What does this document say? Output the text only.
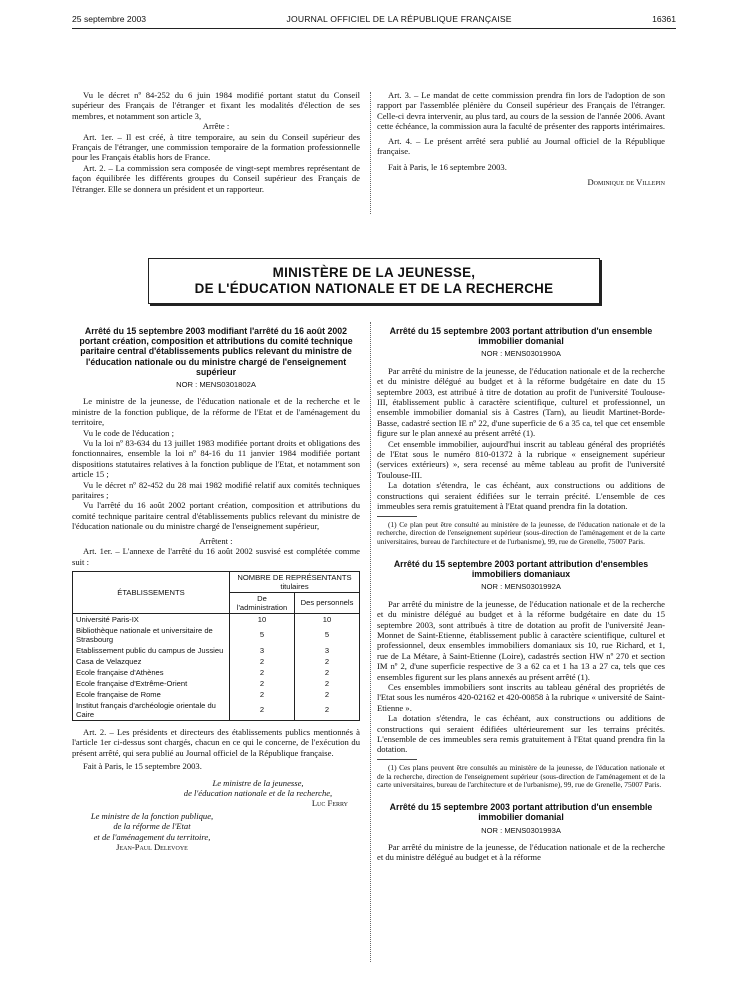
25 septembre 2003	JOURNAL OFFICIEL DE LA RÉPUBLIQUE FRANÇAISE	16361

Vu le décret nº 84-252 du 6 juin 1984 modifié portant statut du Conseil supérieur des Français de l'étranger et fixant les modalités d'élection de ses membres, et notamment son article 3,

Arrête :

Art. 1er. – Il est créé, à titre temporaire, au sein du Conseil supérieur des Français de l'étranger, une commission temporaire de la formation professionnelle pour les Français établis hors de France.

Art. 2. – La commission sera composée de vingt-sept membres représentant de façon équilibrée les différents groupes du Conseil supérieur des Français de l'étranger. Elle se donnera un président et un rapporteur.

Art. 3. – Le mandat de cette commission prendra fin lors de l'adoption de son rapport par l'assemblée plénière du Conseil supérieur des Français de l'étranger. Celle-ci devra intervenir, au plus tard, au cours de la session de l'année 2006. Avant cette échéance, la commission aura la faculté de présenter des rapports intérimaires.

Art. 4. – Le présent arrêté sera publié au Journal officiel de la République française.

Fait à Paris, le 16 septembre 2003.

Dominique de Villepin

MINISTÈRE DE LA JEUNESSE,
DE L'ÉDUCATION NATIONALE ET DE LA RECHERCHE

Arrêté du 15 septembre 2003 modifiant l'arrêté du 16 août 2002 portant création, composition et attributions du comité technique paritaire central d'établissements publics relevant du ministre de l'éducation nationale ou du ministre chargé de l'enseignement supérieur

NOR : MENS0301802A

Le ministre de la jeunesse, de l'éducation nationale et de la recherche et le ministre de la fonction publique, de la réforme de l'Etat et de l'aménagement du territoire,

Vu le code de l'éducation ;

Vu la loi nº 83-634 du 13 juillet 1983 modifiée portant droits et obligations des fonctionnaires, ensemble la loi nº 84-16 du 11 janvier 1984 modifiée portant dispositions statutaires relatives à la fonction publique de l'Etat, et notamment son article 15 ;

Vu le décret nº 82-452 du 28 mai 1982 modifié relatif aux comités techniques paritaires ;

Vu l'arrêté du 16 août 2002 portant création, composition et attributions du comité technique paritaire central d'établissements publics relevant du ministre de l'éducation nationale ou du ministre chargé de l'enseignement supérieur,

Arrêtent :

Art. 1er. – L'annexe de l'arrêté du 16 août 2002 susvisé est complétée comme suit :

ÉTABLISSEMENTS	NOMBRE DE REPRÉSENTANTS
titulaires	
	De l'administration	Des personnels
Université Paris-IX	10	10
Bibliothèque nationale et universitaire de Strasbourg	5	5
Etablissement public du campus de Jussieu	3	3
Casa de Velazquez	2	2
Ecole française d'Athènes	2	2
Ecole française d'Extrême-Orient	2	2
Ecole française de Rome	2	2
Institut français d'archéologie orientale du Caire	2	2

Art. 2. – Les présidents et directeurs des établissements publics mentionnés à l'article 1er ci-dessus sont chargés, chacun en ce qui le concerne, de l'exécution du présent arrêté, qui sera publié au Journal officiel de la République française.

Fait à Paris, le 15 septembre 2003.

Le ministre de la jeunesse,
de l'éducation nationale et de la recherche,
Luc Ferry
Le ministre de la fonction publique,
de la réforme de l'Etat
et de l'aménagement du territoire,
Jean-Paul Delevoye

Arrêté du 15 septembre 2003 portant attribution d'un ensemble immobilier domanial

NOR : MENS0301990A

Par arrêté du ministre de la jeunesse, de l'éducation nationale et de la recherche et du ministre délégué au budget et à la réforme budgétaire en date du 15 septembre 2003, est attribué à titre de dotation au profit de l'université Toulouse-III, établissement public à caractère scientifique, culturel et professionnel, un ensemble immobilier domanial sis à Castres (Tarn), au lieudit Martinet-Borde-Basse, cadastré section IE nº 22, d'une superficie de 6 a 35 ca, tel que cet ensemble figure sur le plan annexé au présent arrêté (1).

Cet ensemble immobilier, aujourd'hui inscrit au tableau général des propriétés de l'Etat sous le numéro 810-01372 à la rubrique « enseignement supérieur (services extérieurs) », sera recensé au même tableau au profit de l'université Toulouse-III.

La dotation s'étendra, le cas échéant, aux constructions ou additions de constructions qui seraient édifiées sur le terrain précité. L'ensemble de ces immeubles sera remis gratuitement à l'Etat quand prendra fin la dotation.

(1) Ce plan peut être consulté au ministère de la jeunesse, de l'éducation nationale et de la recherche, direction de l'enseignement supérieur (sous-direction de l'aménagement et de la carte universitaires, bureau de l'architecture et de l'urbanisme), 99, rue de Grenelle, 75007 Paris.

Arrêté du 15 septembre 2003 portant attribution d'ensembles immobiliers domaniaux

NOR : MENS0301992A

Par arrêté du ministre de la jeunesse, de l'éducation nationale et de la recherche et du ministre délégué au budget et à la réforme budgétaire en date du 15 septembre 2003, sont attribués à titre de dotation au profit de l'université Jean-Monnet de Saint-Etienne, établissement public à caractère scientifique, culturel et professionnel, deux ensembles immobiliers domaniaux sis 10, rue Richard, et 1, rue de La Métare, à Saint-Etienne (Loire), cadastrés section HW nº 270 et section IM nº 2, d'une superficie respective de 3 a 62 ca et 1 ha 13 a 27 ca, tels que ces ensembles figurent sur les plans annexés au présent arrêté (1).

Ces ensembles immobiliers sont inscrits au tableau général des propriétés de l'Etat sous les numéros 420-02162 et 420-00858 à la rubrique « université de Saint-Etienne ».

La dotation s'étendra, le cas échéant, aux constructions ou additions de constructions qui seraient édifiées ultérieurement sur les terrains précités. L'ensemble de ces immeubles sera remis gratuitement à l'Etat quand prendra fin la dotation.

(1) Ces plans peuvent être consultés au ministère de la jeunesse, de l'éducation nationale et de la recherche, direction de l'enseignement supérieur (sous-direction de l'aménagement et de la carte universitaires, bureau de l'architecture et de l'urbanisme), 99, rue de Grenelle, 75007 Paris.

Arrêté du 15 septembre 2003 portant attribution d'un ensemble immobilier domanial

NOR : MENS0301993A

Par arrêté du ministre de la jeunesse, de l'éducation nationale et de la recherche et du ministre délégué au budget et à la réforme
